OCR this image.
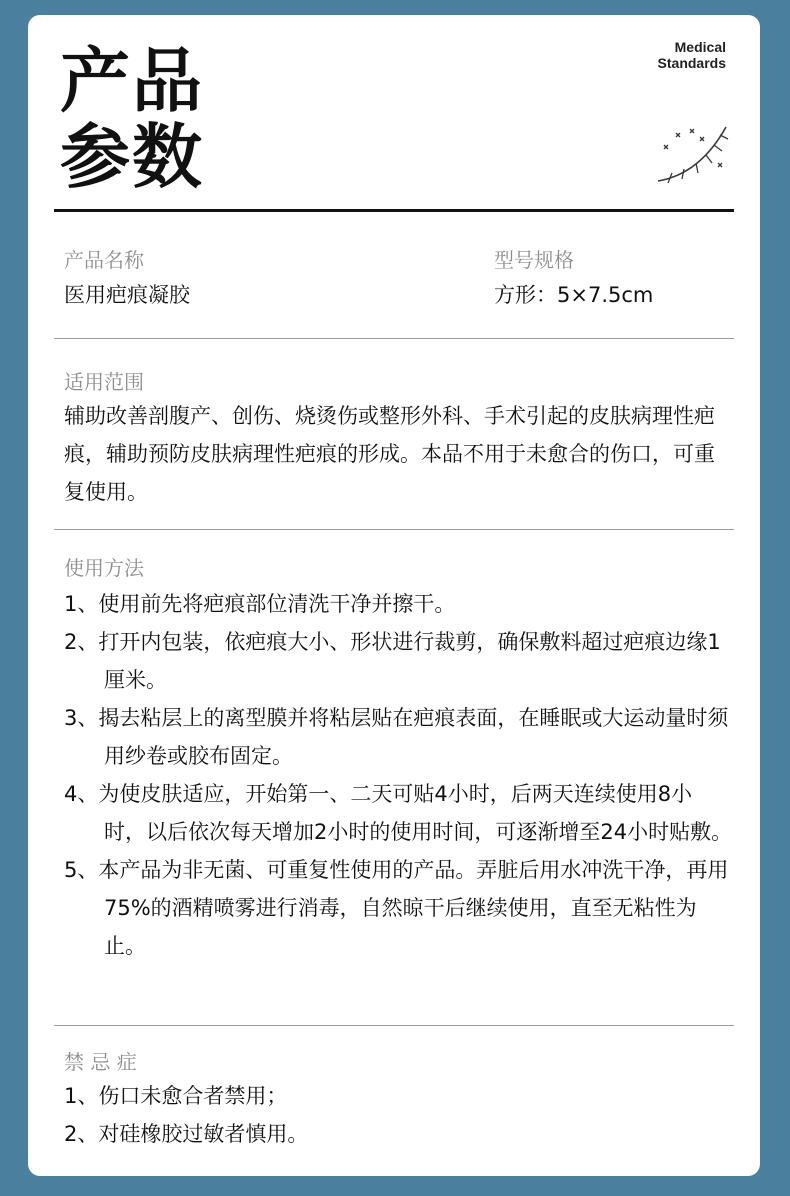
产品
参数
Medical
Standards
产品名称
医用疤痕凝胶
型号规格
方形：5×7.5cm
适用范围
辅助改善剖腹产、创伤、烧烫伤或整形外科、手术引起的皮肤病理性疤痕，辅助预防皮肤病理性疤痕的形成。本品不用于未愈合的伤口，可重复使用。
使用方法
1、使用前先将疤痕部位清洗干净并擦干。
2、打开内包装，依疤痕大小、形状进行裁剪，确保敷料超过疤痕边缘1厘米。
3、揭去粘层上的离型膜并将粘层贴在疤痕表面，在睡眠或大运动量时须用纱卷或胶布固定。
4、为使皮肤适应，开始第一、二天可贴4小时，后两天连续使用8小时，以后依次每天增加2小时的使用时间，可逐渐增至24小时贴敷。
5、本产品为非无菌、可重复性使用的产品。弄脏后用水冲洗干净，再用75%的酒精喷雾进行消毒，自然晾干后继续使用，直至无粘性为止。
禁 忌 症
1、伤口未愈合者禁用；
2、对硅橡胶过敏者慎用。
